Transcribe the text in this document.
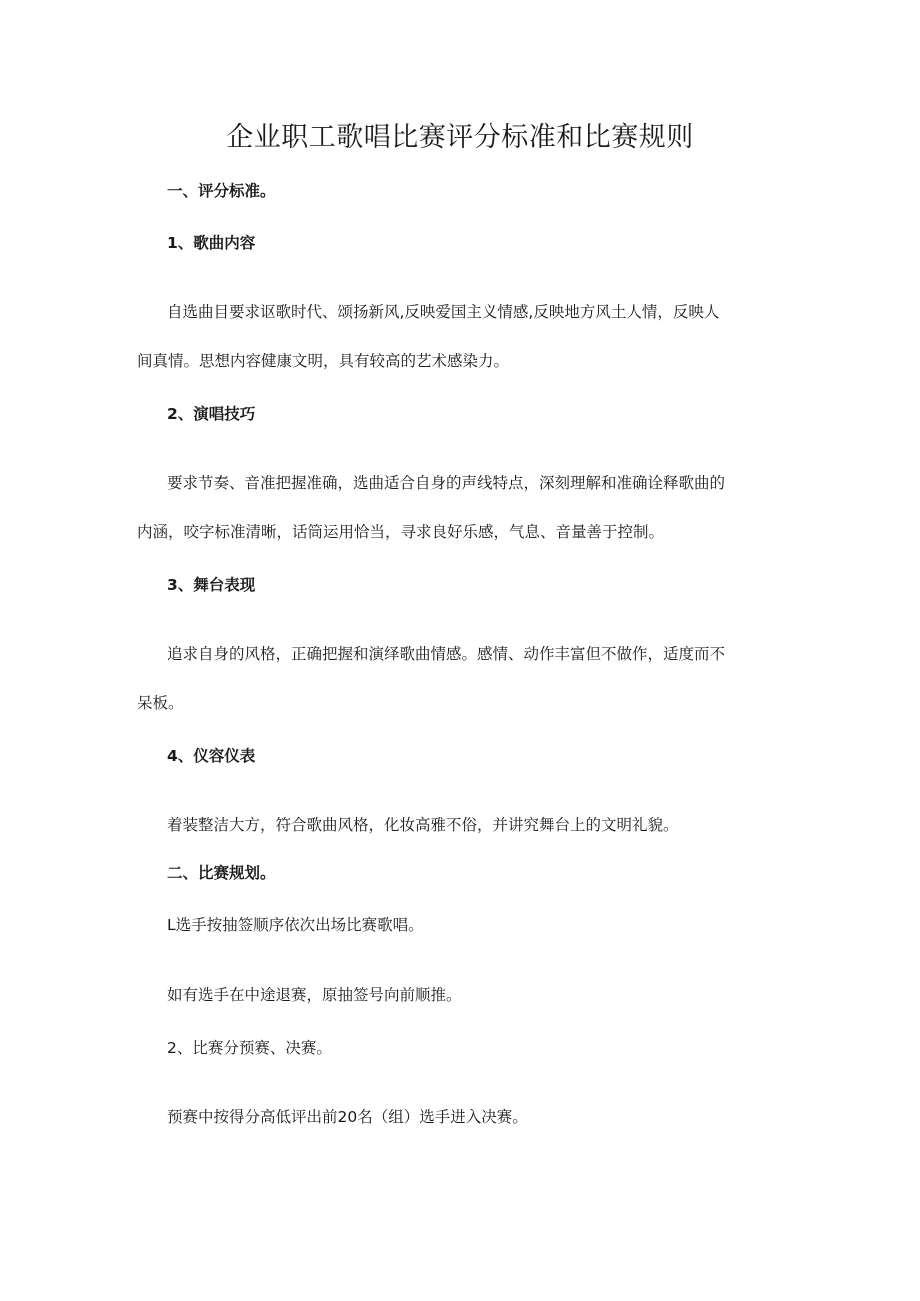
企业职工歌唱比赛评分标准和比赛规则
一、评分标准。
1、歌曲内容
自选曲目要求讴歌时代、颂扬新风,反映爱国主义情感,反映地方风土人情，反映人
间真情。思想内容健康文明，具有较高的艺术感染力。
2、演唱技巧
要求节奏、音准把握准确，选曲适合自身的声线特点，深刻理解和准确诠释歌曲的
内涵，咬字标准清晰，话筒运用恰当，寻求良好乐感，气息、音量善于控制。
3、舞台表现
追求自身的风格，正确把握和演绎歌曲情感。感情、动作丰富但不做作，适度而不
呆板。
4、仪容仪表
着装整洁大方，符合歌曲风格，化妆高雅不俗，并讲究舞台上的文明礼貌。
二、比赛规划。
L选手按抽签顺序依次出场比赛歌唱。
如有选手在中途退赛，原抽签号向前顺推。
2、比赛分预赛、决赛。
预赛中按得分高低评出前20名（组）选手进入决赛。
